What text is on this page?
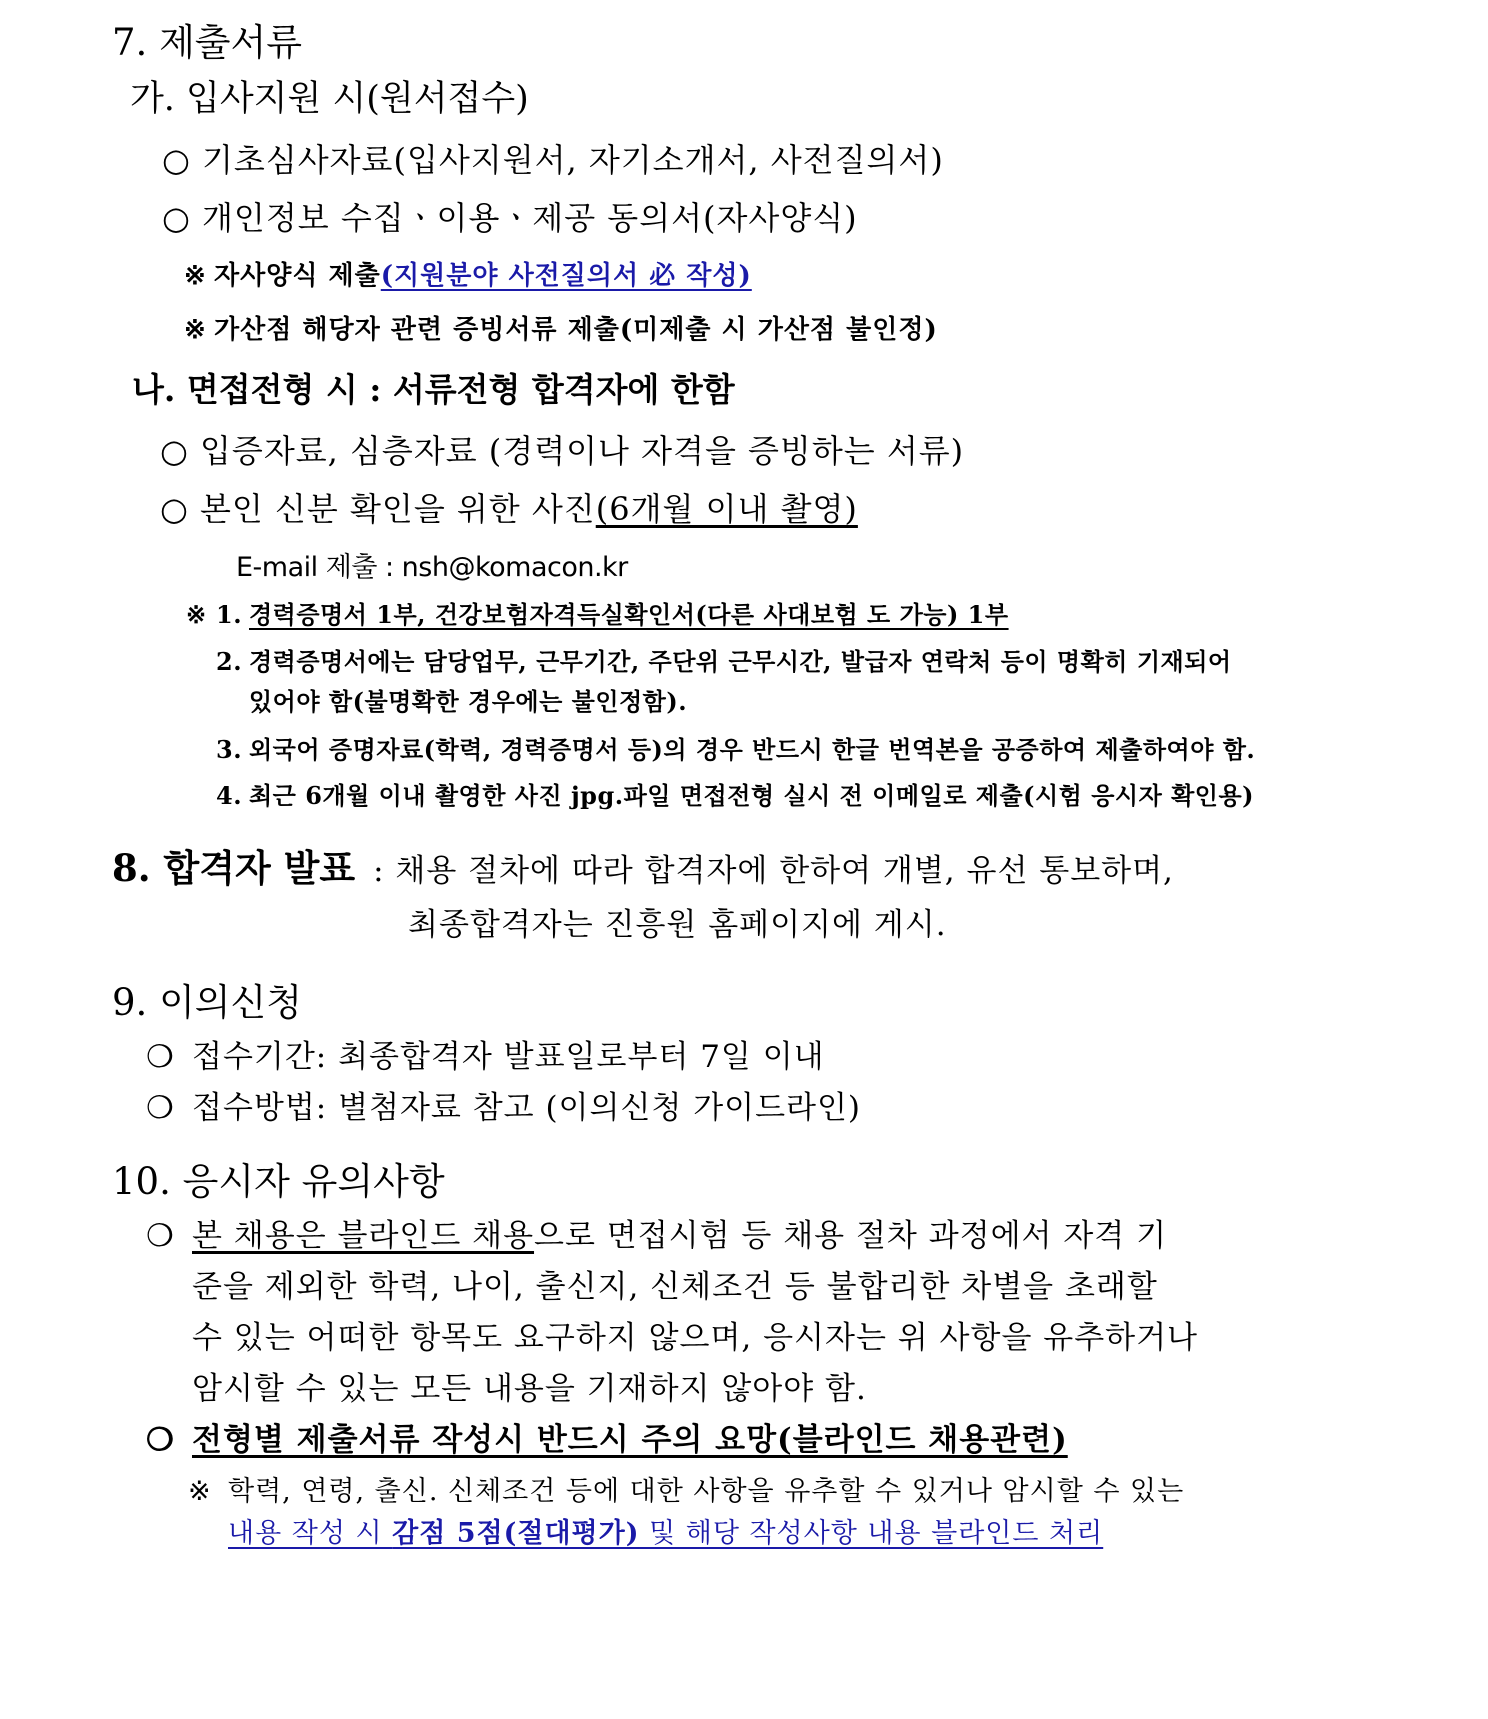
7. 제출서류
가. 입사지원 시(원서접수)
○ 기초심사자료(입사지원서, 자기소개서, 사전질의서)
○ 개인정보 수집ㆍ이용ㆍ제공 동의서(자사양식)
※ 자사양식 제출(지원분야 사전질의서 必 작성)
※ 가산점 해당자 관련 증빙서류 제출(미제출 시 가산점 불인정)
나. 면접전형 시 : 서류전형 합격자에 한함
○ 입증자료, 심층자료 (경력이나 자격을 증빙하는 서류)
○ 본인 신분 확인을 위한 사진(6개월 이내 촬영)
E-mail 제출 : nsh@komacon.kr
※ 1. 경력증명서 1부, 건강보험자격득실확인서(다른 사대보험 도 가능) 1부
2. 경력증명서에는 담당업무, 근무기간, 주단위 근무시간, 발급자 연락처 등이 명확히 기재되어
있어야 함(불명확한 경우에는 불인정함).
3. 외국어 증명자료(학력, 경력증명서 등)의 경우 반드시 한글 번역본을 공증하여 제출하여야 함.
4. 최근 6개월 이내 촬영한 사진 jpg.파일 면접전형 실시 전 이메일로 제출(시험 응시자 확인용)
8. 합격자 발표 : 채용 절차에 따라 합격자에 한하여 개별, 유선 통보하며,
최종합격자는 진흥원 홈페이지에 게시.
9. 이의신청
❍ 접수기간: 최종합격자 발표일로부터 7일 이내
❍ 접수방법: 별첨자료 참고 (이의신청 가이드라인)
10. 응시자 유의사항
❍ 본 채용은 블라인드 채용으로 면접시험 등 채용 절차 과정에서 자격 기
준을 제외한 학력, 나이, 출신지, 신체조건 등 불합리한 차별을 초래할
수 있는 어떠한 항목도 요구하지 않으며, 응시자는 위 사항을 유추하거나
암시할 수 있는 모든 내용을 기재하지 않아야 함.
❍ 전형별 제출서류 작성시 반드시 주의 요망(블라인드 채용관련)
※ 학력, 연령, 출신. 신체조건 등에 대한 사항을 유추할 수 있거나 암시할 수 있는
내용 작성 시 감점 5점(절대평가) 및 해당 작성사항 내용 블라인드 처리
